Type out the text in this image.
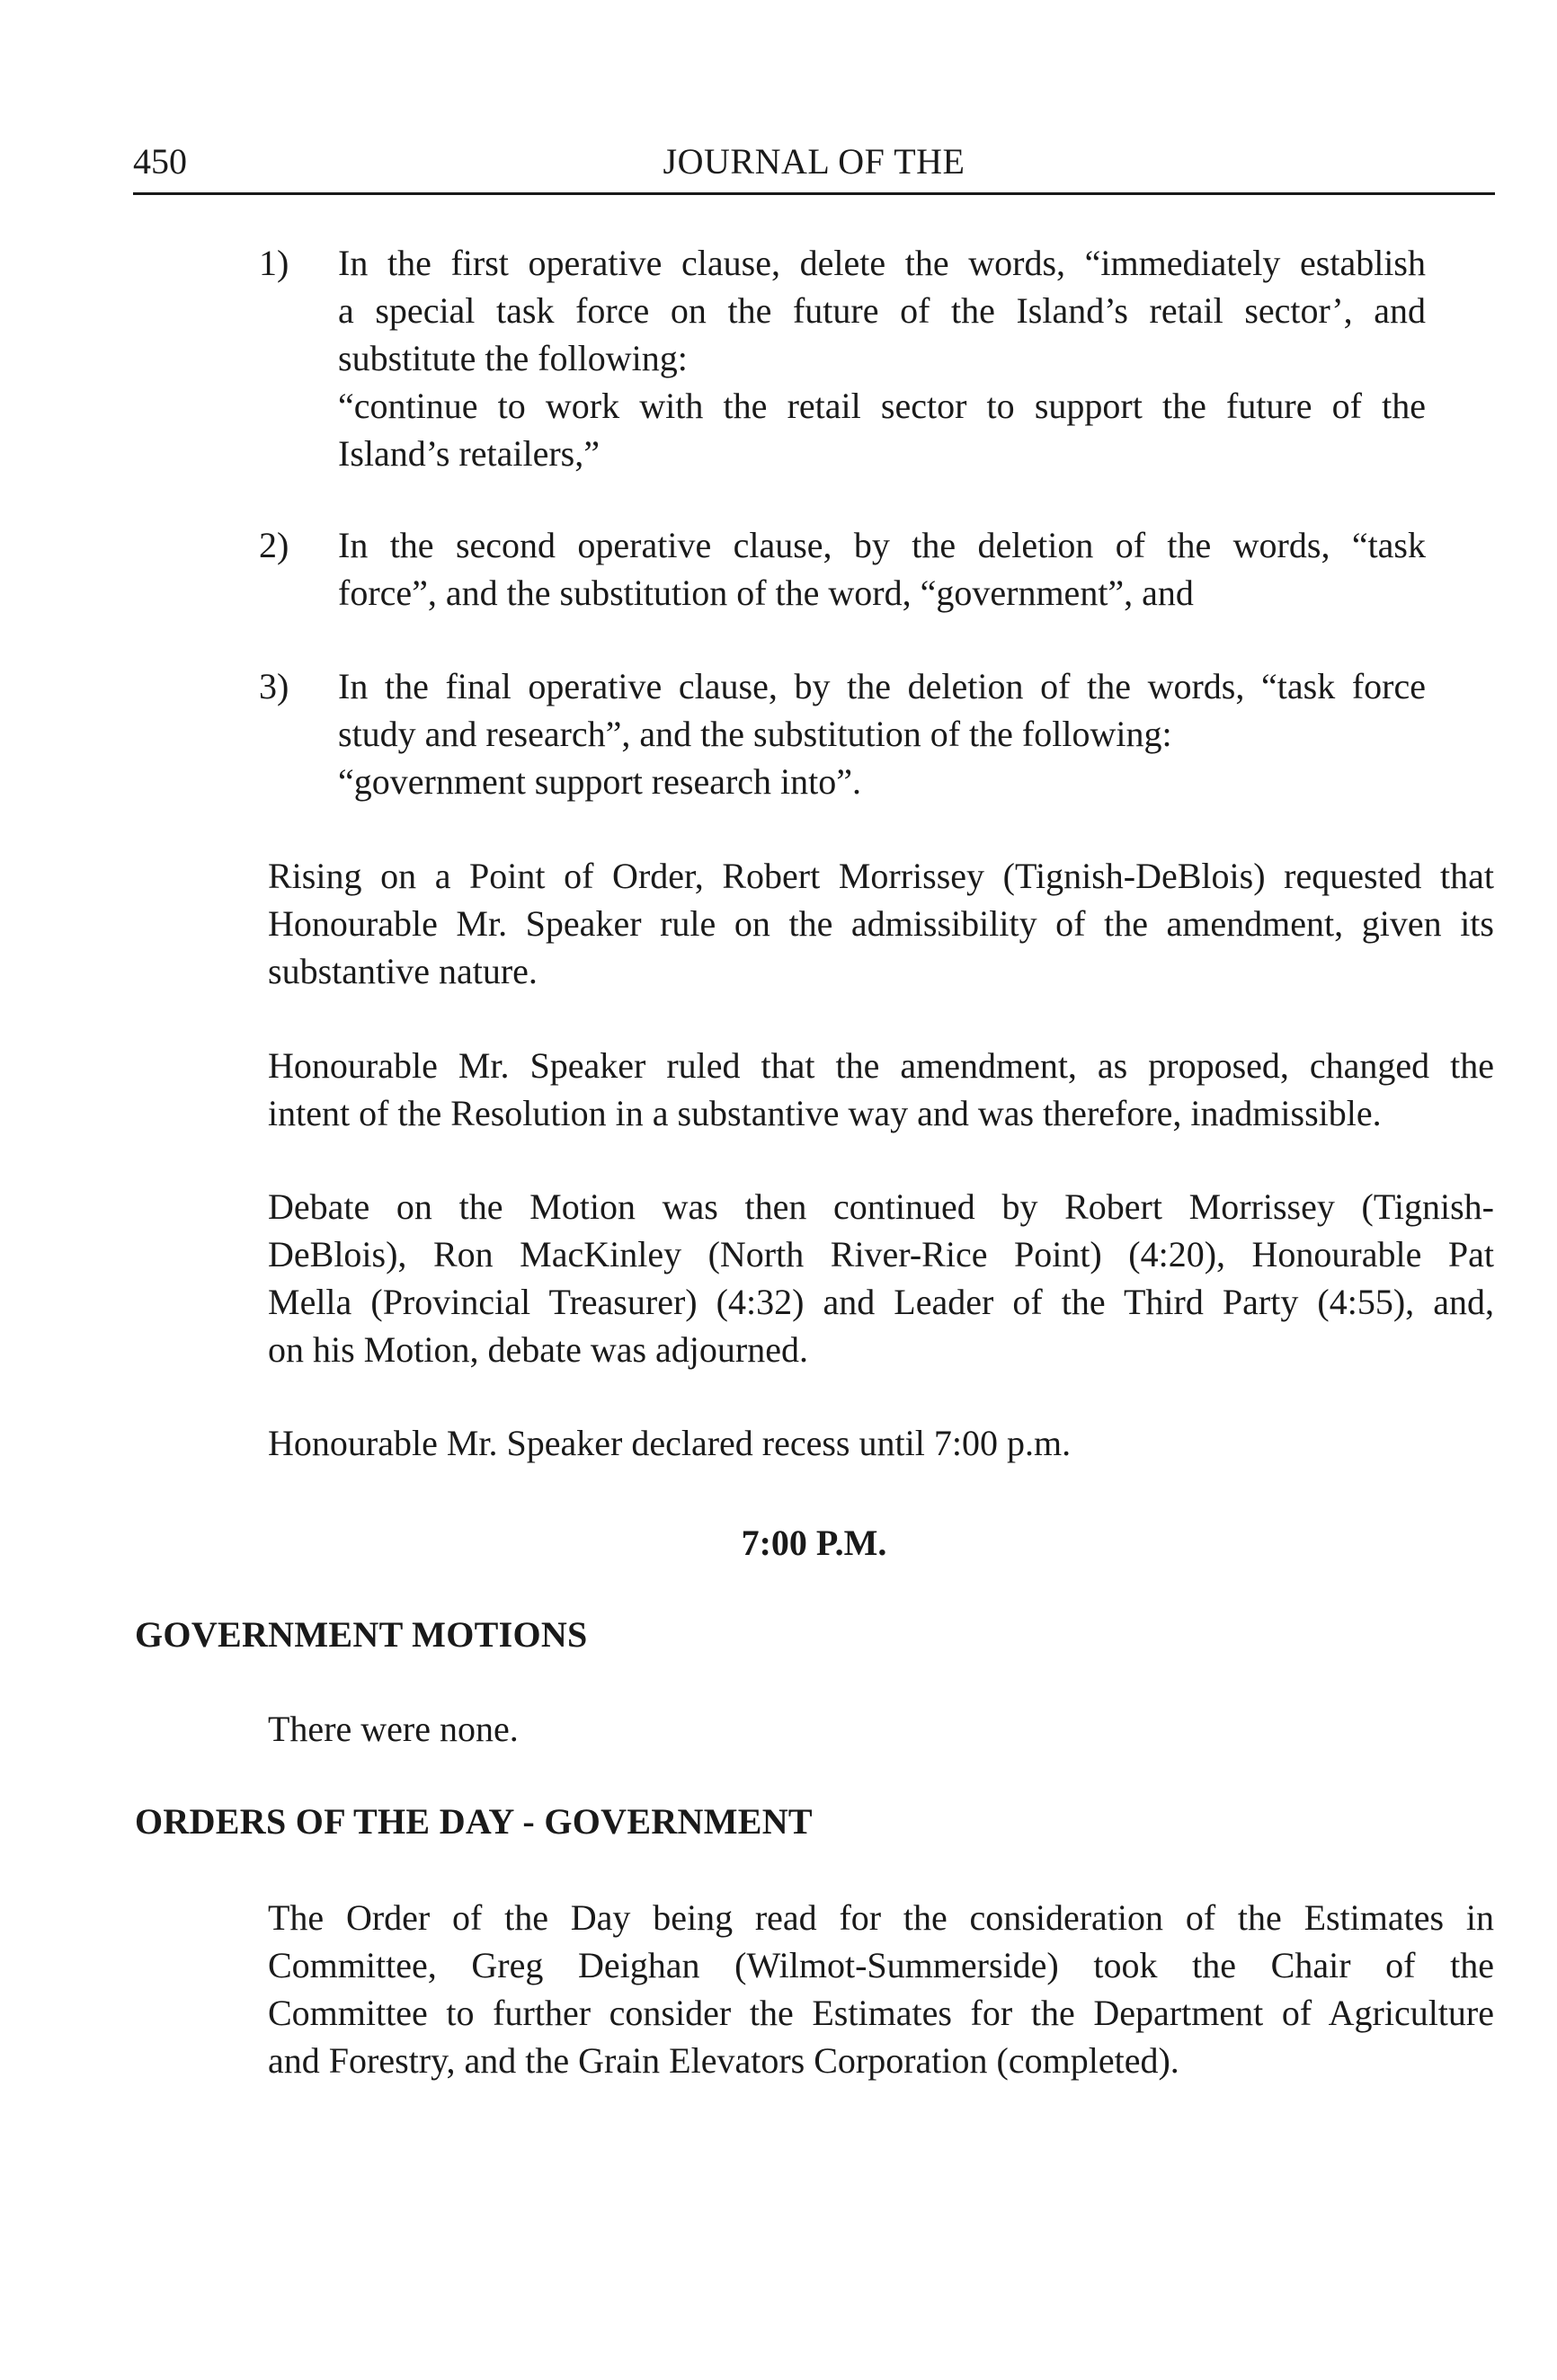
450	JOURNAL OF THE
1)	In the first operative clause, delete the words, “immediately establish
a special task force on the future of the Island’s retail sector’, and
substitute the following:
“continue to work with the retail sector to support the future of the
Island’s retailers,”
2)	In the second operative clause, by the deletion of the words, “task
force”, and the substitution of the word, “government”, and
3)	In the final operative clause, by the deletion of the words, “task force
study and research”, and the substitution of the following:
“government support research into”.
Rising on a Point of Order, Robert Morrissey (Tignish-DeBlois) requested that
Honourable Mr. Speaker rule on the admissibility of the amendment, given its
substantive nature.
Honourable Mr. Speaker ruled that the amendment, as proposed, changed the
intent of the Resolution in a substantive way and was therefore, inadmissible.
Debate on the Motion was then continued by Robert Morrissey (Tignish-
DeBlois), Ron MacKinley (North River-Rice Point) (4:20), Honourable Pat
Mella (Provincial Treasurer) (4:32) and Leader of the Third Party (4:55), and,
on his Motion, debate was adjourned.
Honourable Mr. Speaker declared recess until 7:00 p.m.
7:00 P.M.
GOVERNMENT MOTIONS
There were none.
ORDERS OF THE DAY - GOVERNMENT
The Order of the Day being read for the consideration of the Estimates in
Committee, Greg Deighan (Wilmot-Summerside) took the Chair of the
Committee to further consider the Estimates for the Department of Agriculture
and Forestry, and the Grain Elevators Corporation (completed).
